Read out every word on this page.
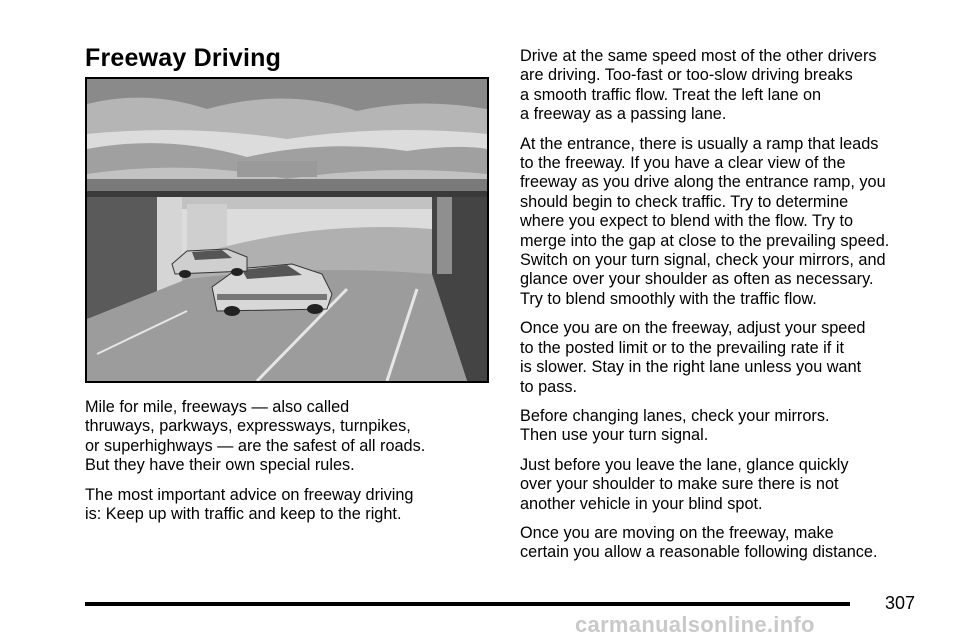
Freeway Driving

Mile for mile, freeways — also called
thruways, parkways, expressways, turnpikes,
or superhighways — are the safest of all roads.
But they have their own special rules.

The most important advice on freeway driving
is: Keep up with traffic and keep to the right.

Drive at the same speed most of the other drivers
are driving. Too-fast or too-slow driving breaks
a smooth traffic flow. Treat the left lane on
a freeway as a passing lane.

At the entrance, there is usually a ramp that leads
to the freeway. If you have a clear view of the
freeway as you drive along the entrance ramp, you
should begin to check traffic. Try to determine
where you expect to blend with the flow. Try to
merge into the gap at close to the prevailing speed.
Switch on your turn signal, check your mirrors, and
glance over your shoulder as often as necessary.
Try to blend smoothly with the traffic flow.

Once you are on the freeway, adjust your speed
to the posted limit or to the prevailing rate if it
is slower. Stay in the right lane unless you want
to pass.

Before changing lanes, check your mirrors.
Then use your turn signal.

Just before you leave the lane, glance quickly
over your shoulder to make sure there is not
another vehicle in your blind spot.

Once you are moving on the freeway, make
certain you allow a reasonable following distance.

307
carmanualsonline.info
